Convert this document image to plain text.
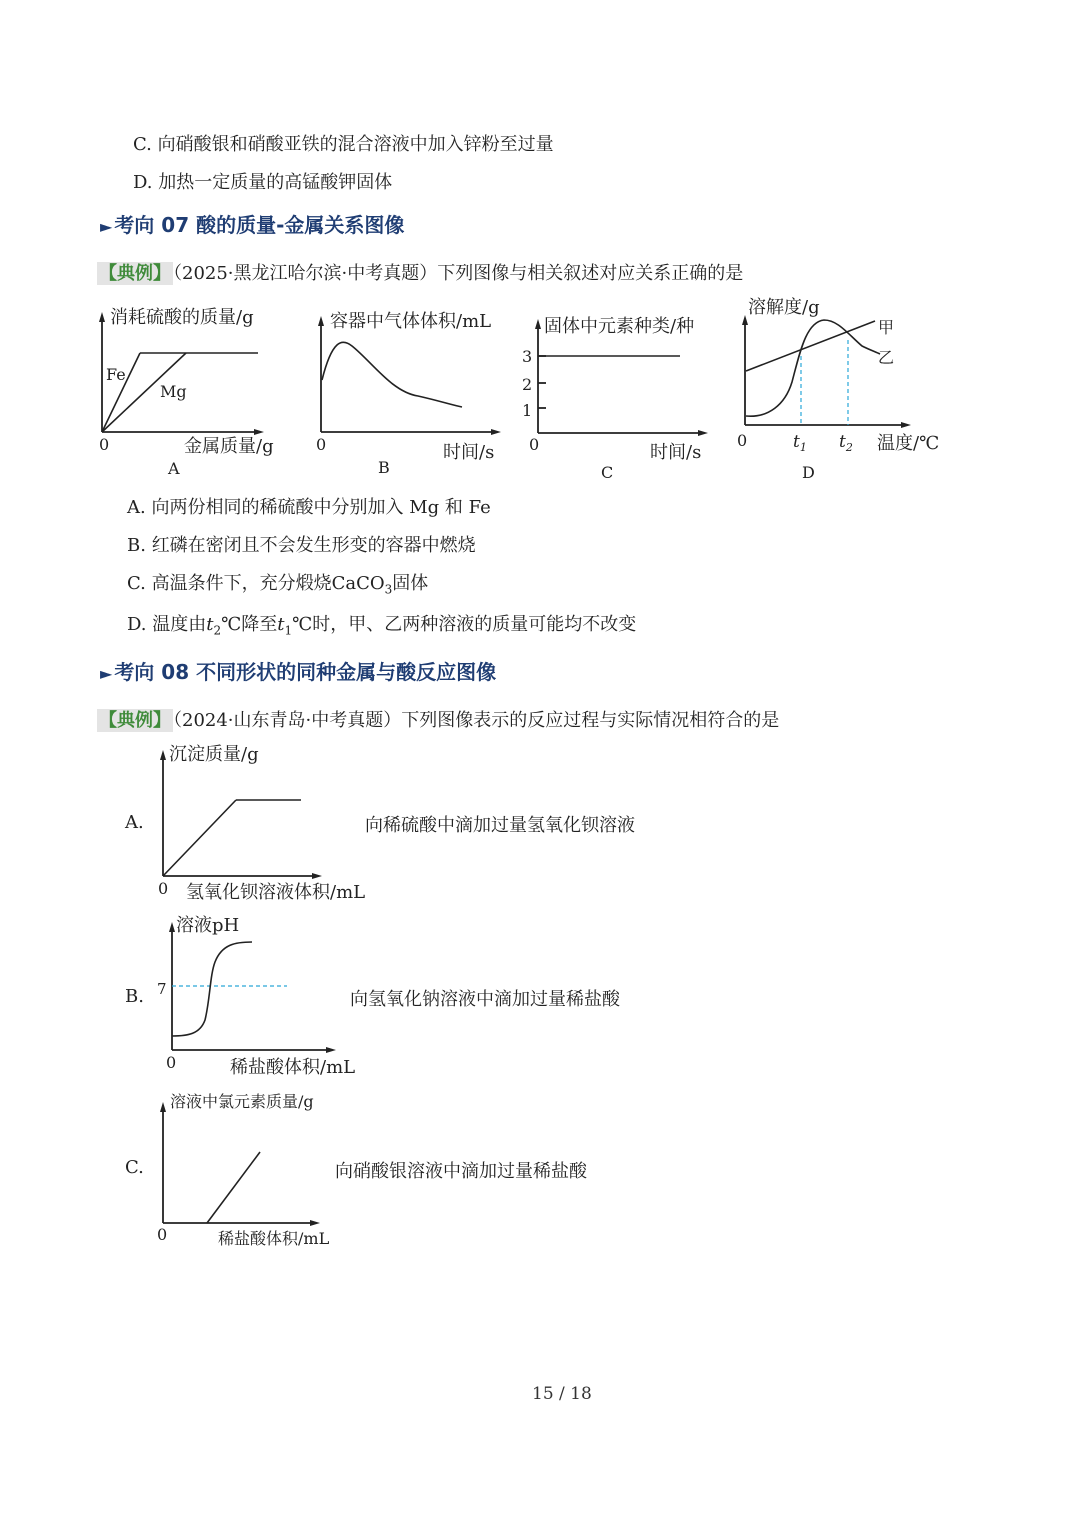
C. 向硝酸银和硝酸亚铁的混合溶液中加入锌粉至过量
D. 加热一定质量的高锰酸钾固体
► 考向 07 酸的质量-金属关系图像
【典例】 （2025·黑龙江哈尔滨·中考真题）下列图像与相关叙述对应关系正确的是
消耗硫酸的质量/g
金属质量/g
0
Fe
Mg
A
容器中气体体积/mL
时间/s
0
B
固体中元素种类/种
3
2
1
时间/s
0
C
溶解度/g
甲
乙
0	$t_1$ $t_2$ 温度/℃
D
A. 向两份相同的稀硫酸中分别加入 Mg 和 Fe
B. 红磷在密闭且不会发生形变的容器中燃烧
C. 高温条件下，充分煅烧CaCO$_3$固体
D. 温度由$t_2℃$降至$t_1℃$时，甲、乙两种溶液的质量可能均不改变
► 考向 08 不同形状的同种金属与酸反应图像
【典例】 （2024·山东青岛·中考真题）下列图像表示的反应过程与实际情况相符合的是
A.
沉淀质量/g
氢氧化钡溶液体积/mL
0
向稀硫酸中滴加过量氢氧化钡溶液
B.
溶液pH
7
稀盐酸体积/mL
0
向氢氧化钠溶液中滴加过量稀盐酸
C.
溶液中氯元素质量/g
稀盐酸体积/mL
0
向硝酸银溶液中滴加过量稀盐酸
15 / 18
